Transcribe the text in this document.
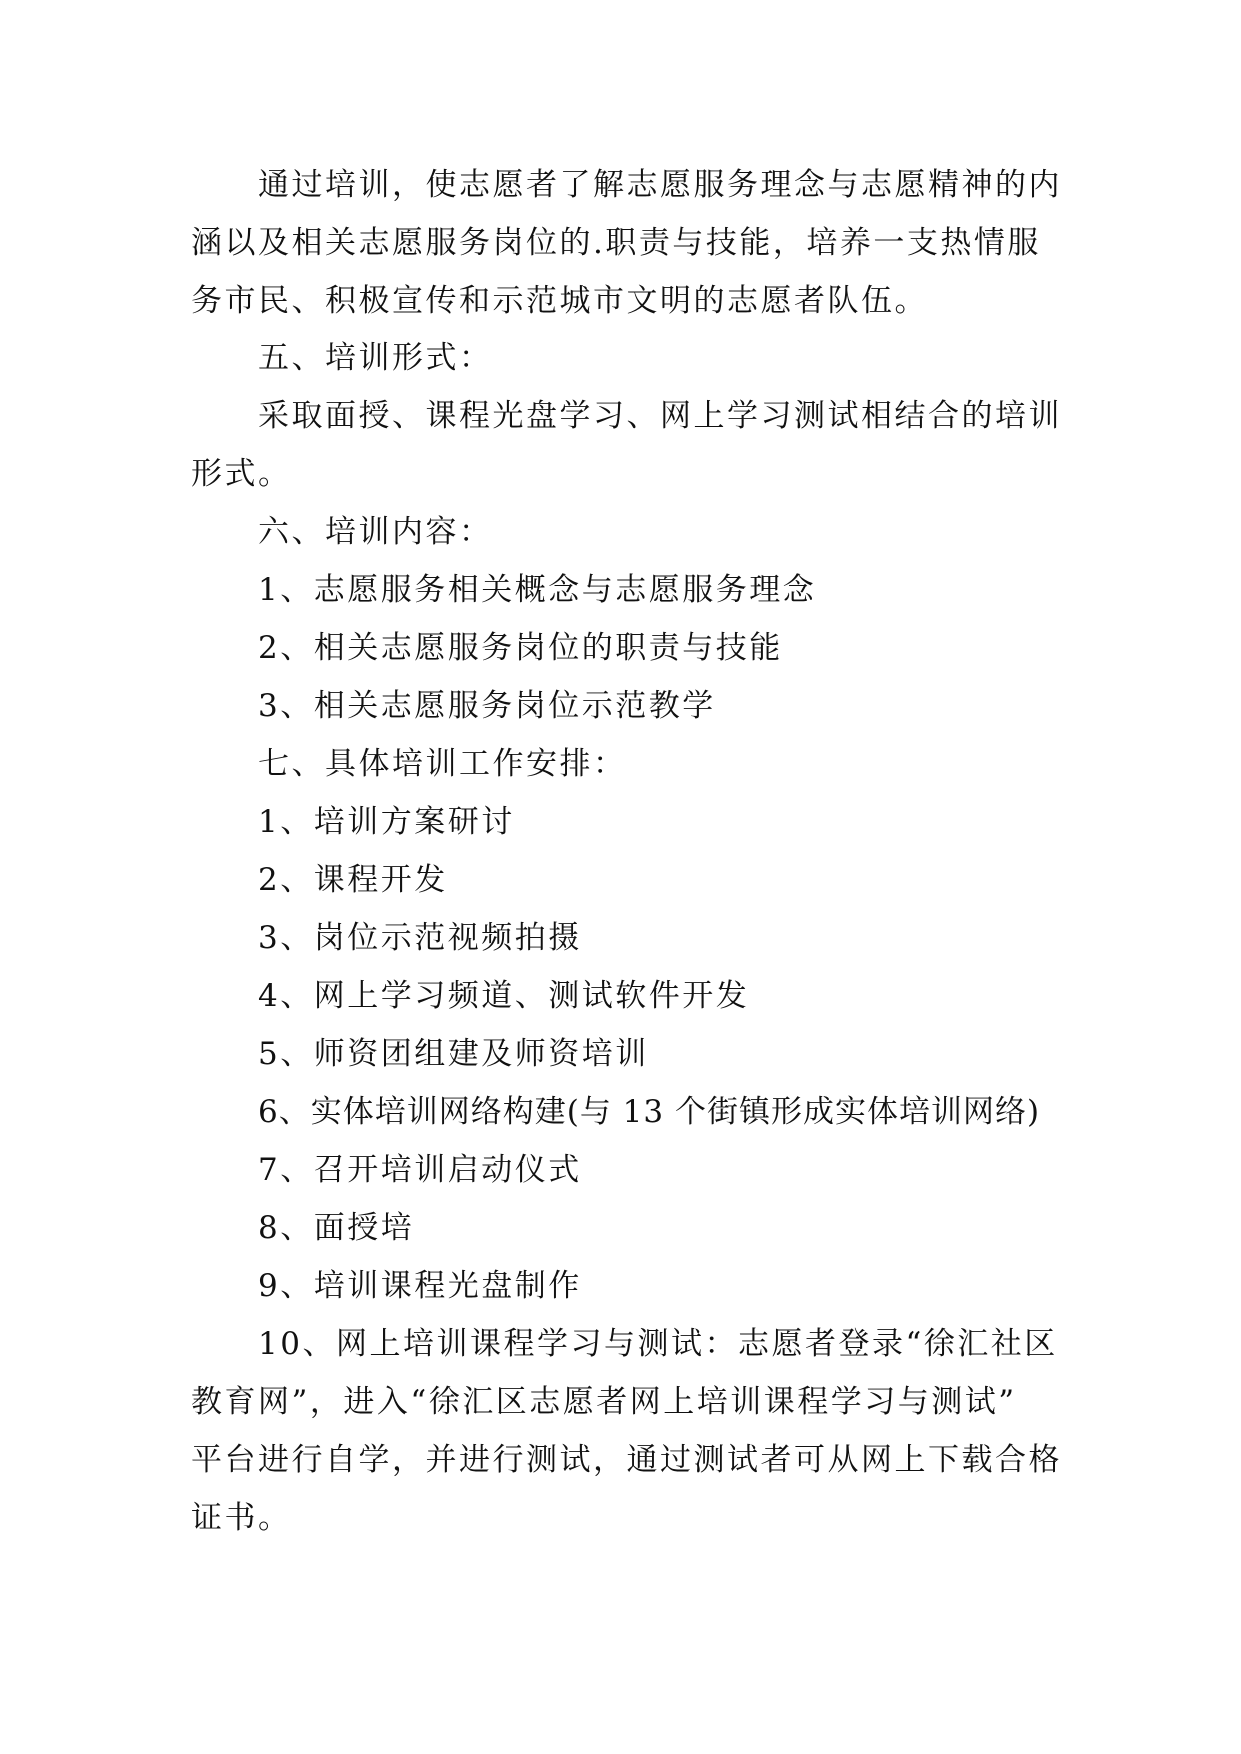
通过培训，使志愿者了解志愿服务理念与志愿精神的内
涵以及相关志愿服务岗位的.职责与技能，培养一支热情服
务市民、积极宣传和示范城市文明的志愿者队伍。
五、培训形式：
采取面授、课程光盘学习、网上学习测试相结合的培训
形式。
六、培训内容：
1、志愿服务相关概念与志愿服务理念
2、相关志愿服务岗位的职责与技能
3、相关志愿服务岗位示范教学
七、具体培训工作安排：
1、培训方案研讨
2、课程开发
3、岗位示范视频拍摄
4、网上学习频道、测试软件开发
5、师资团组建及师资培训
6、实体培训网络构建(与 13 个街镇形成实体培训网络)
7、召开培训启动仪式
8、面授培
9、培训课程光盘制作
10、网上培训课程学习与测试：志愿者登录“徐汇社区
教育网”，进入“徐汇区志愿者网上培训课程学习与测试”
平台进行自学，并进行测试，通过测试者可从网上下载合格
证书。
